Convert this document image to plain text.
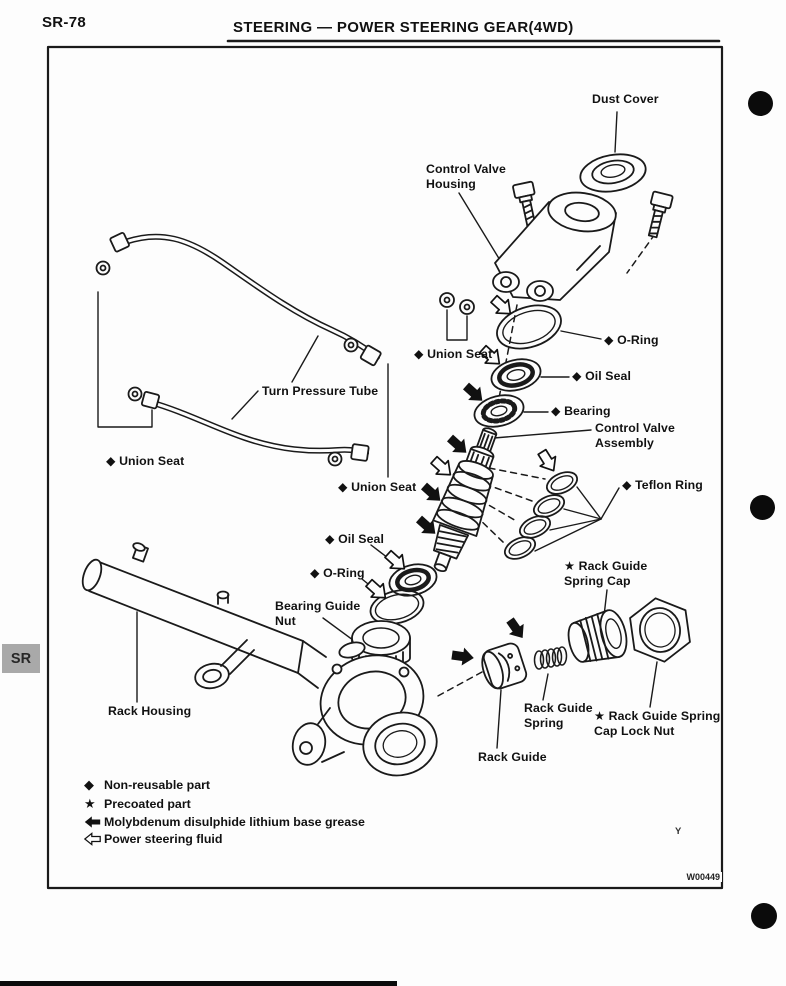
SR-78	STEERING — POWER STEERING GEAR(4WD)
Dust Cover
Control Valve Housing
◆ O-Ring
◆ Union Seat
◆ Oil Seal
◆ Bearing
Control Valve Assembly
◆ Teflon Ring
Turn Pressure Tube
◆ Union Seat
◆ Union Seat
◆ Oil Seal
◆ O-Ring
Bearing Guide Nut
★ Rack Guide Spring Cap
Rack Housing	Rack Guide Spring	★ Rack Guide Spring Cap Lock Nut
Rack Guide
◆ Non-reusable part
★ Precoated part
Molybdenum disulphide lithium base grease
Power steering fluid
SR
Y
W00449
